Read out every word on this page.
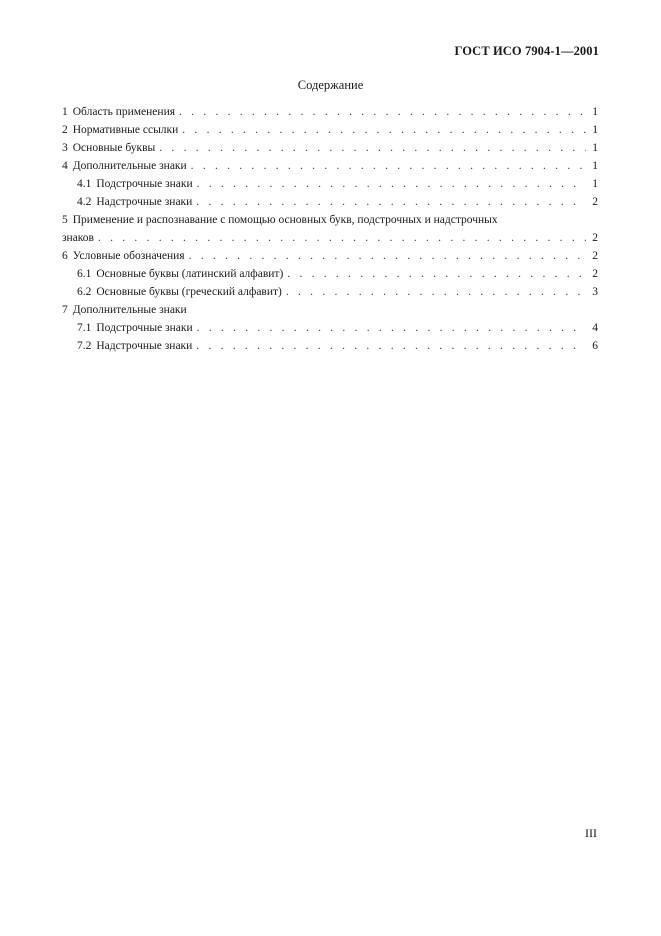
ГОСТ ИСО 7904-1—2001
Содержание
1 Область применения . . .	1
2 Нормативные ссылки . . .	1
3 Основные буквы . . .	1
4 Дополнительные знаки . . .	1
4.1 Подстрочные знаки . . .	1
4.2 Надстрочные знаки . . .	2
5 Применение и распознавание с помощью основных букв, подстрочных и надстрочных
знаков . . .	2
6 Условные обозначения . . .	2
6.1 Основные буквы (латинский алфавит) . . .	2
6.2 Основные буквы (греческий алфавит) . . .	3
7 Дополнительные знаки
7.1 Подстрочные знаки . . .	4
7.2 Надстрочные знаки . . .	6
III
